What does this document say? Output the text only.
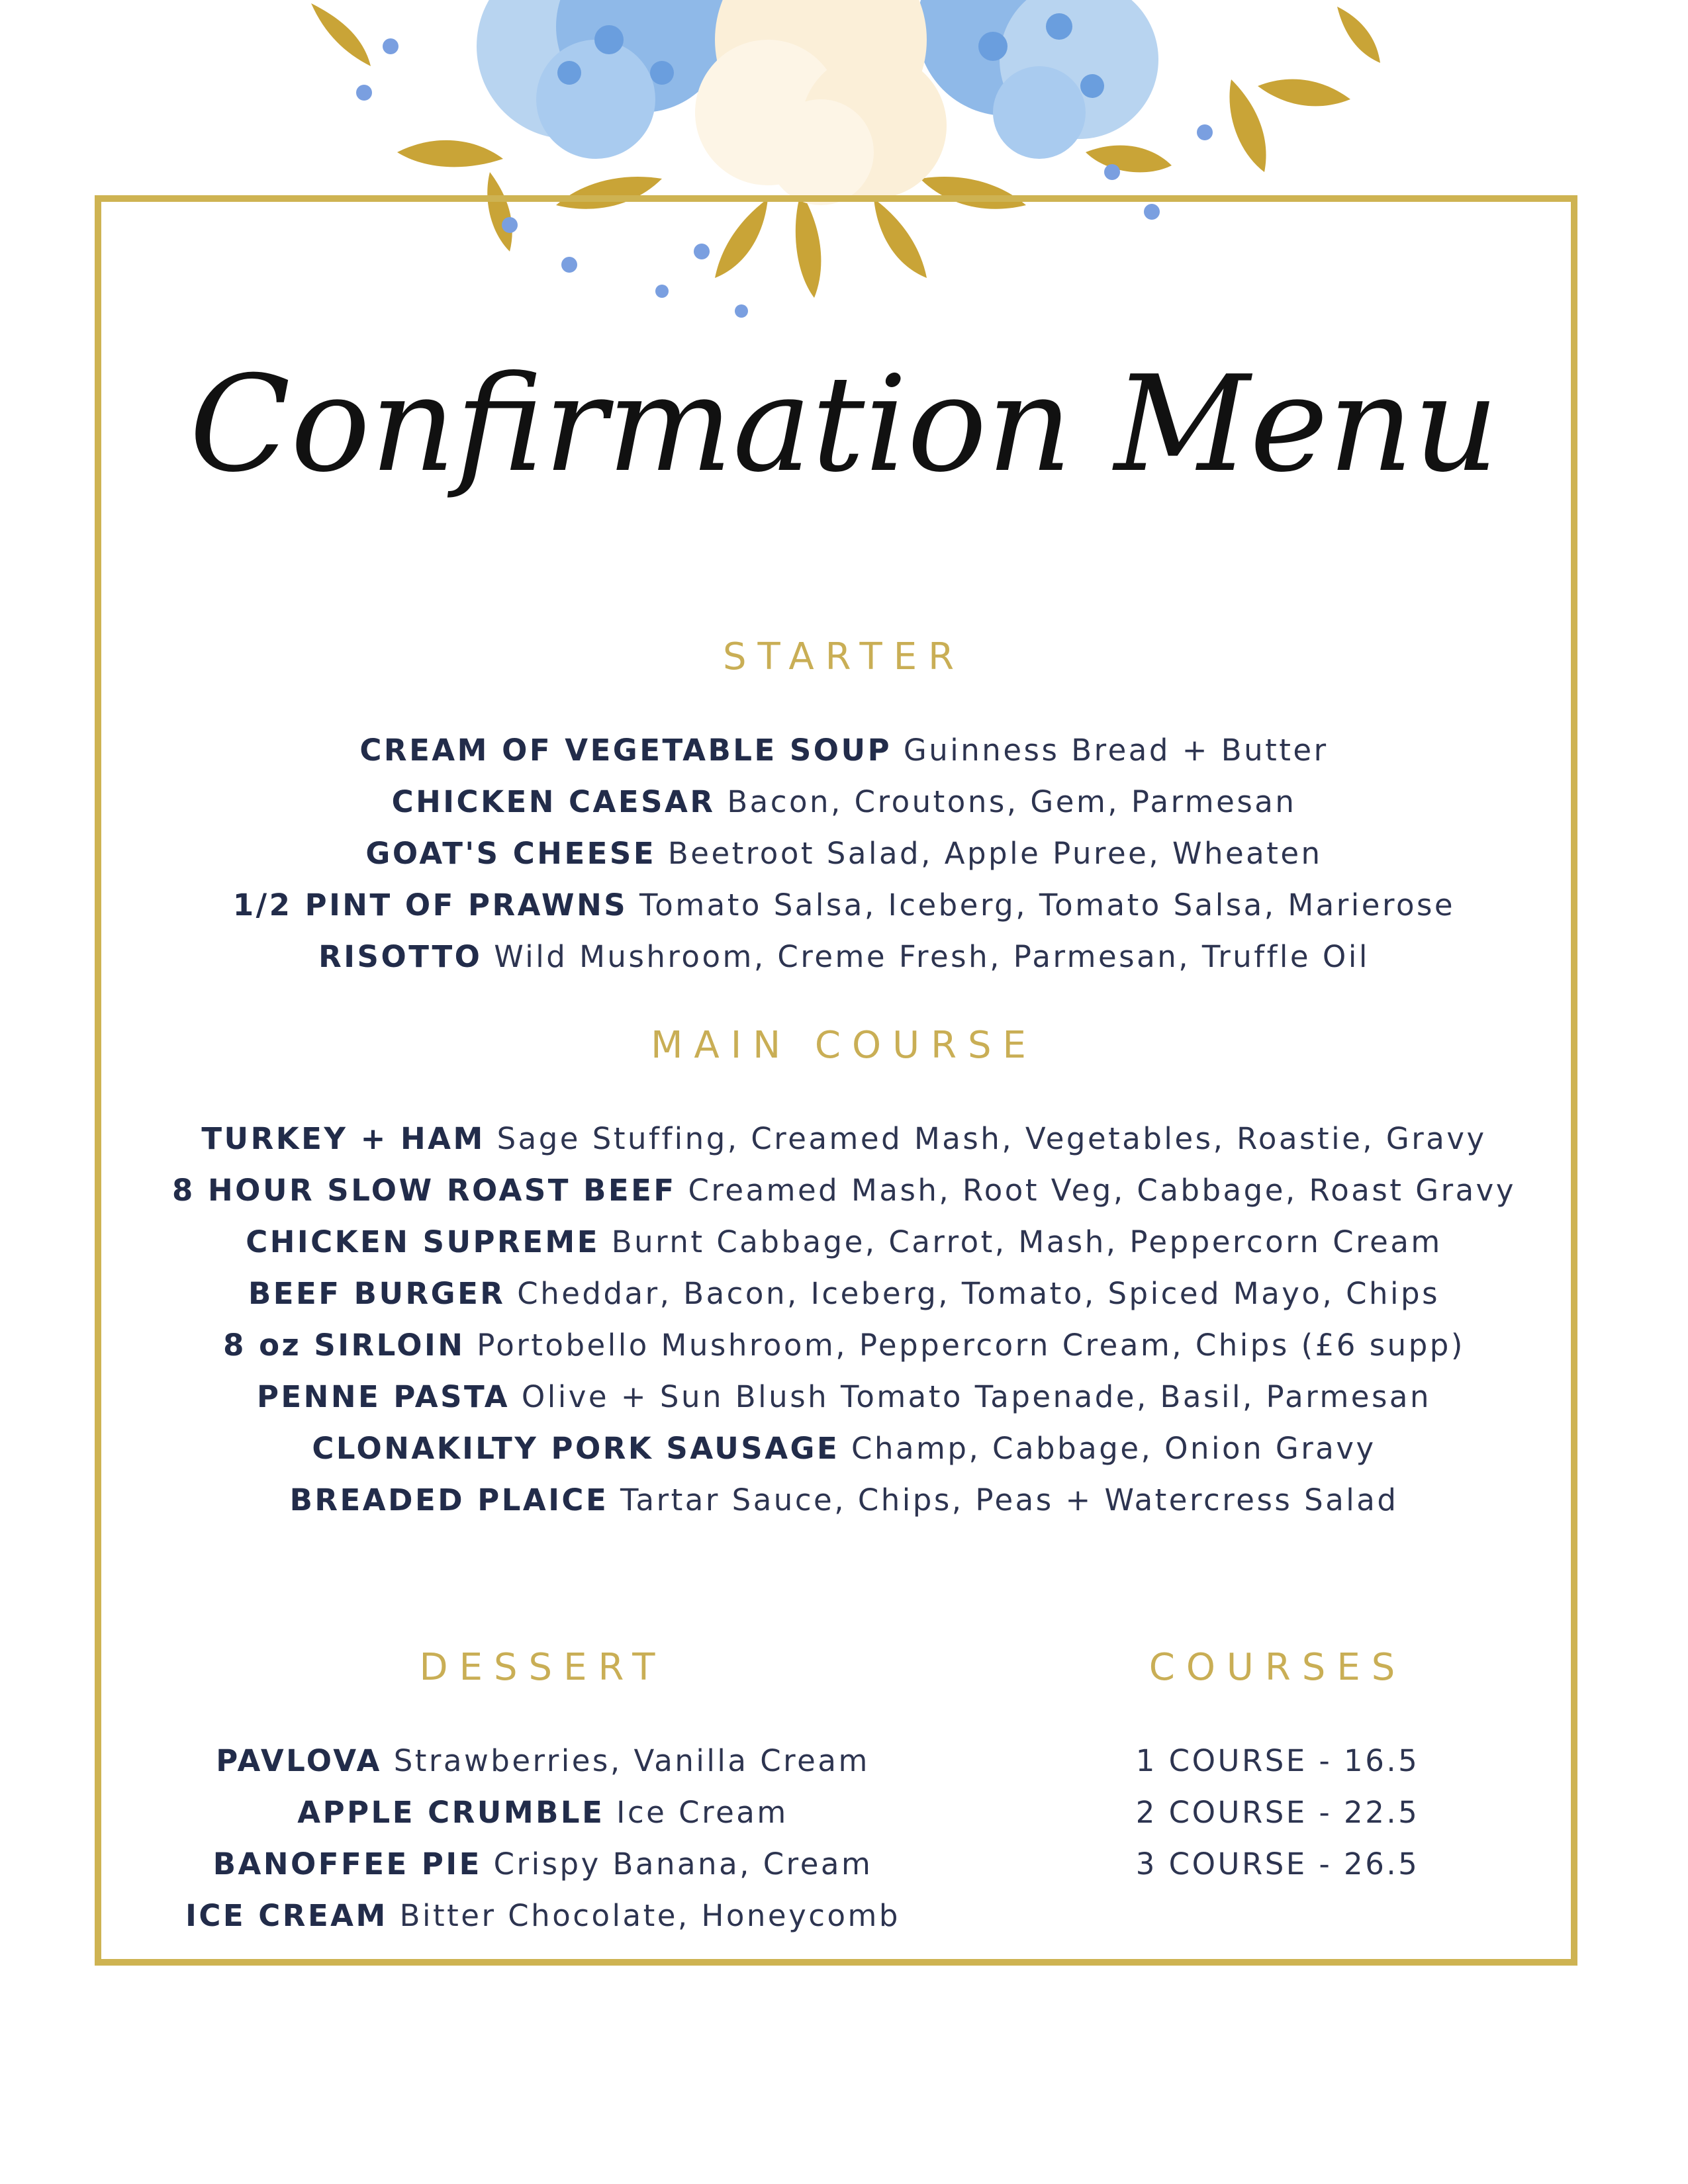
Confirmation Menu
STARTER
CREAM OF VEGETABLE SOUP Guinness Bread + Butter
CHICKEN CAESAR Bacon, Croutons, Gem, Parmesan
GOAT'S CHEESE Beetroot Salad, Apple Puree, Wheaten
1/2 PINT OF PRAWNS Tomato Salsa, Iceberg, Tomato Salsa, Marierose
RISOTTO Wild Mushroom, Creme Fresh, Parmesan, Truffle Oil
MAIN COURSE
TURKEY + HAM Sage Stuffing, Creamed Mash, Vegetables, Roastie, Gravy
8 HOUR SLOW ROAST BEEF Creamed Mash, Root Veg, Cabbage, Roast Gravy
CHICKEN SUPREME Burnt Cabbage, Carrot, Mash, Peppercorn Cream
BEEF BURGER Cheddar, Bacon, Iceberg, Tomato, Spiced Mayo, Chips
8 oz SIRLOIN Portobello Mushroom, Peppercorn Cream, Chips (£6 supp)
PENNE PASTA Olive + Sun Blush Tomato Tapenade, Basil, Parmesan
CLONAKILTY PORK SAUSAGE Champ, Cabbage, Onion Gravy
BREADED PLAICE Tartar Sauce, Chips, Peas + Watercress Salad
DESSERT
PAVLOVA Strawberries, Vanilla Cream
APPLE CRUMBLE Ice Cream
BANOFFEE PIE Crispy Banana, Cream
ICE CREAM Bitter Chocolate, Honeycomb
COURSES
1 COURSE - 16.5
2 COURSE - 22.5
3 COURSE - 26.5
